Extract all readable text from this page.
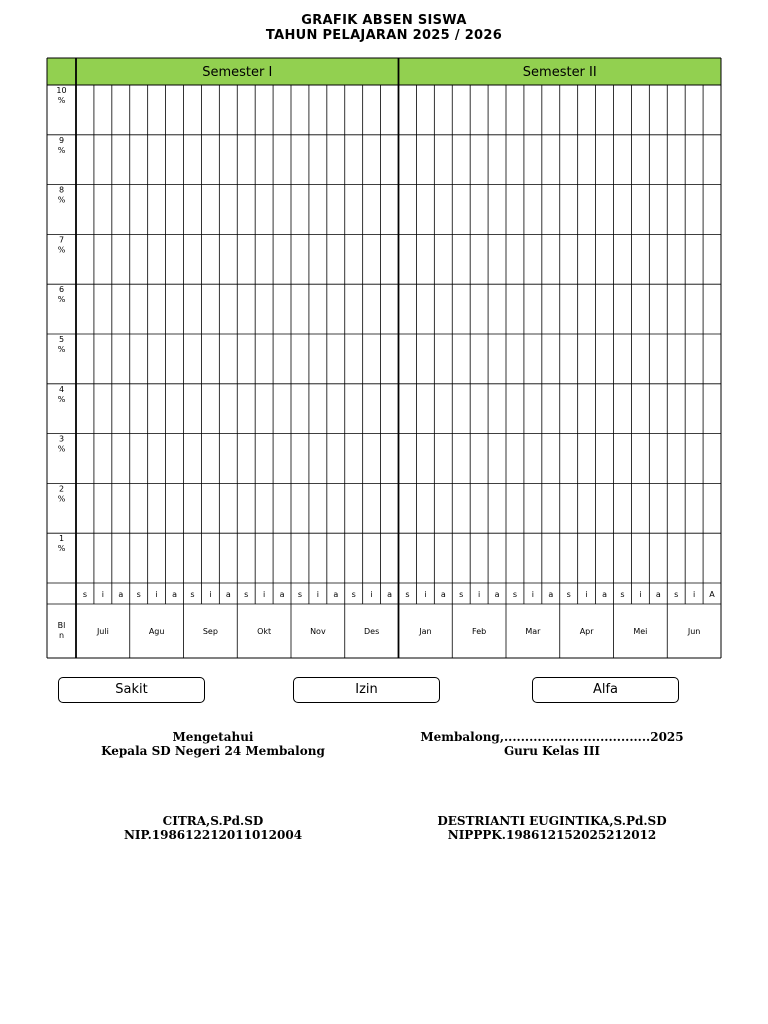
GRAFIK ABSEN SISWA
TAHUN PELAJARAN 2025 / 2026
Semester I	Semester II
10
%
9
%
8
%
7
%
6
%
5
%
4
%
3
%
2
%
1
%
s i a s i a s i a s i a s i a s i a s i a s i a s i a s i a s i a s i A
Bl
n	Juli	Agu	Sep	Okt	Nov	Des	Jan	Feb	Mar	Apr	Mei	Jun
Sakit	Izin	Alfa
Mengetahui
Kepala SD Negeri 24 Membalong
Membalong,...................................2025
Guru Kelas III
CITRA,S.Pd.SD
NIP.198612212011012004
DESTRIANTI EUGINTIKA,S.Pd.SD
NIPPPK.198612152025212012
